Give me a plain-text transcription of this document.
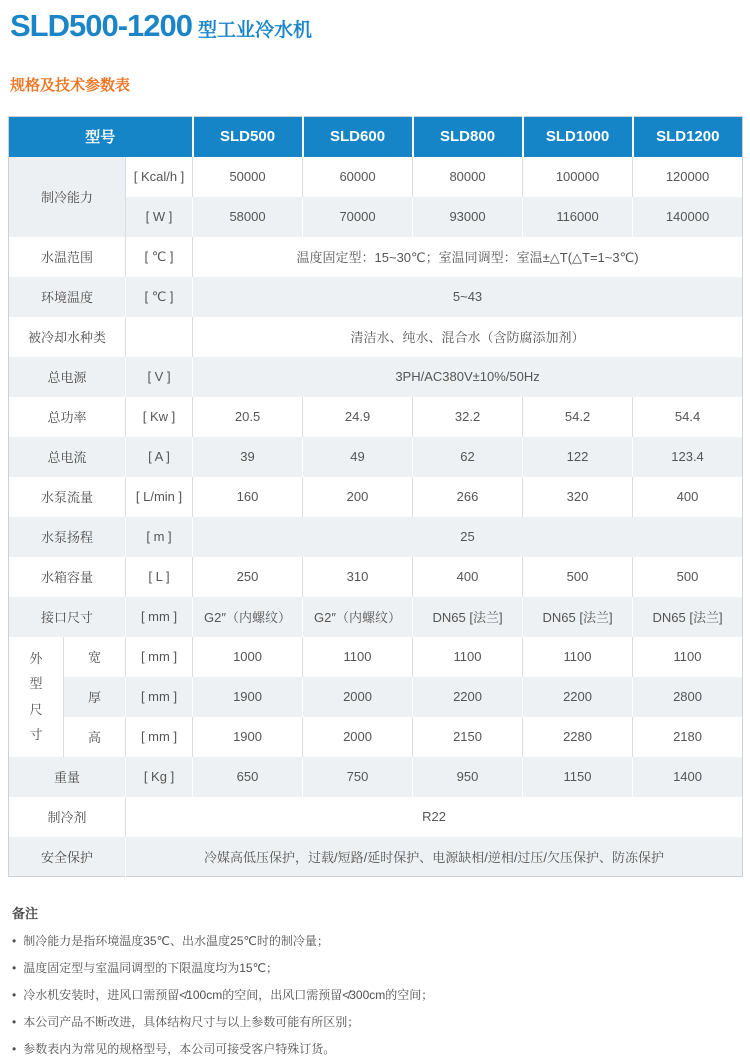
SLD500-1200 型工业冷水机
规格及技术参数表
型号			SLD500	SLD600	SLD800	SLD1000	SLD1200
制冷能力		[ Kcal/h ]	50000	60000	80000	100000	120000
		[ W ]	58000	70000	93000	116000	140000
水温范围		[ ℃ ]	温度固定型：15~30℃；室温同调型：室温±△T(△T=1~3℃)				
环境温度		[ ℃ ]	5~43				
被冷却水种类			清洁水、纯水、混合水（含防腐添加剂）				
总电源		[ V ]	3PH/AC380V±10%/50Hz				
总功率		[ Kw ]	20.5	24.9	32.2	54.2	54.4
总电流		[ A ]	39	49	62	122	123.4
水泵流量		[ L/min ]	160	200	266	320	400
水泵扬程		[ m ]	25				
水箱容量		[ L ]	250	310	400	500	500
接口尺寸		[ mm ]	G2″（内螺纹）	G2″（内螺纹）	DN65 [法兰]	DN65 [法兰]	DN65 [法兰]

外型尺寸	宽	[ mm ]	1000	1100	1100	1100	1100
	厚	[ mm ]	1900	2000	2200	2200	2800
	高	[ mm ]	1900	2000	2150	2280	2180
重量		[ Kg ]	650	750	950	1150	1400
制冷剂		R22					
安全保护		冷媒高低压保护，过载/短路/延时保护、电源缺相/逆相/过压/欠压保护、防冻保护					
备注
• 制冷能力是指环境温度35℃、出水温度25℃时的制冷量；
• 温度固定型与室温同调型的下限温度均为15℃；
• 冷水机安装时，进风口需预留≮100cm的空间，出风口需预留≮300cm的空间；
• 本公司产品不断改进，具体结构尺寸与以上参数可能有所区别；
• 参数表内为常见的规格型号，本公司可接受客户特殊订货。
